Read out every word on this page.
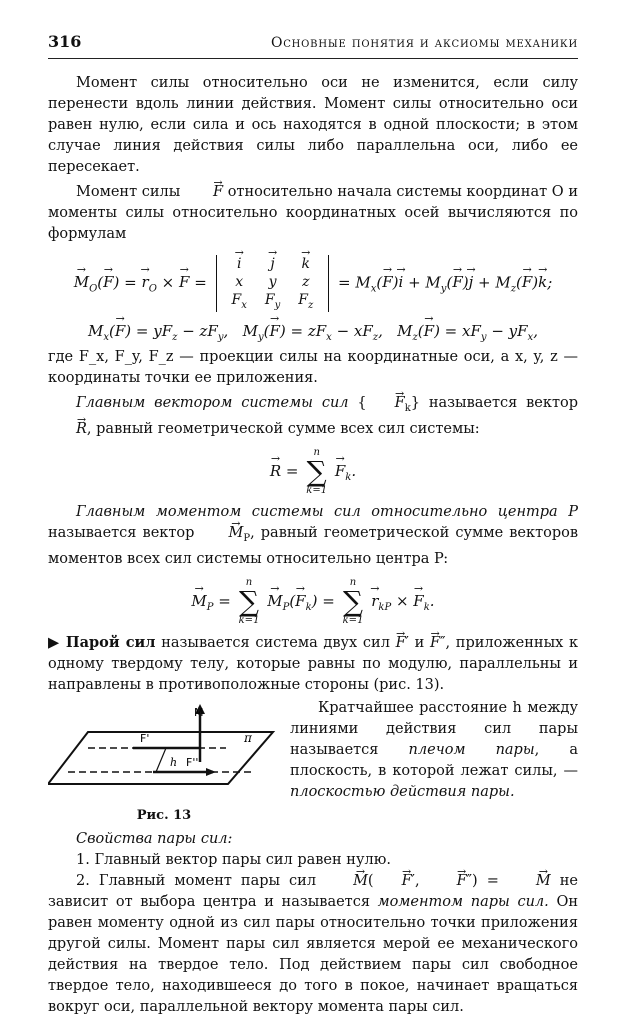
316	Основные понятия и аксиомы механики

Момент силы относительно оси не изменится, если силу перенести вдоль линии действия. Момент силы относительно оси равен нулю, если сила и ось находятся в одной плоскости; в этом случае линия действия силы либо параллельна оси, либо ее пересекает.

Момент силы → F относительно начала системы координат O и моменты силы относительно координатных осей вычисляются по формулам

→ $M_O(\to F)$ = → $r_O$ × → F =
→ i	→ j	→ k
x	y	z
$F_x$	$F_y$	$F_z$
= $M_x(\to F)\to i + M_y(\to F)\to j + M_z(\to F)\to k$;
$M_x(\to F) = yF_z - zF_y$,   $M_y(\to F) = zF_x - xF_z$,   $M_z(\to F) = xF_y - yF_x$,

где F_x, F_y, F_z — проекции силы на координатные оси, а x, y, z — координаты точки ее приложения.

Главным вектором системы сил { → $F_k$} называется вектор → R, равный геометрической сумме всех сил системы:

→ R =
n
∑
k=1
→ $F_k$.

Главным моментом системы сил относительно центра P называется вектор → $M_P$, равный геометрической сумме векторов моментов всех сил системы относительно центра P:

→ $M_P$ =
n
∑
k=1
→ $M_P(\to F_k)$ =
n
∑
k=1
→ $r_{kP}$ × → $F_k$.

▶ Парой сил называется система двух сил → F′ и → F″, приложенных к одному твердому телу, которые равны по модулю, параллельны и направлены в противоположные стороны (рис. 13).

M
F'
F''
h
π
Рис. 13

Кратчайшее расстояние h между линиями действия сил пары называется плечом пары, а плоскость, в которой лежат силы, — плоскостью действия пары.

Свойства пары сил:

1. Главный вектор пары сил равен нулю.

2. Главный момент пары сил	→ M( → F′, → F″) = → M не зависит от выбора центра и называется моментом пары сил. Он равен моменту одной из сил пары относительно точки приложения другой силы. Момент пары сил является мерой ее механического действия на твердое тело. Под действием пары сил свободное твердое тело, находившееся до того в покое, начинает вращаться вокруг оси, параллельной вектору момента пары сил.
